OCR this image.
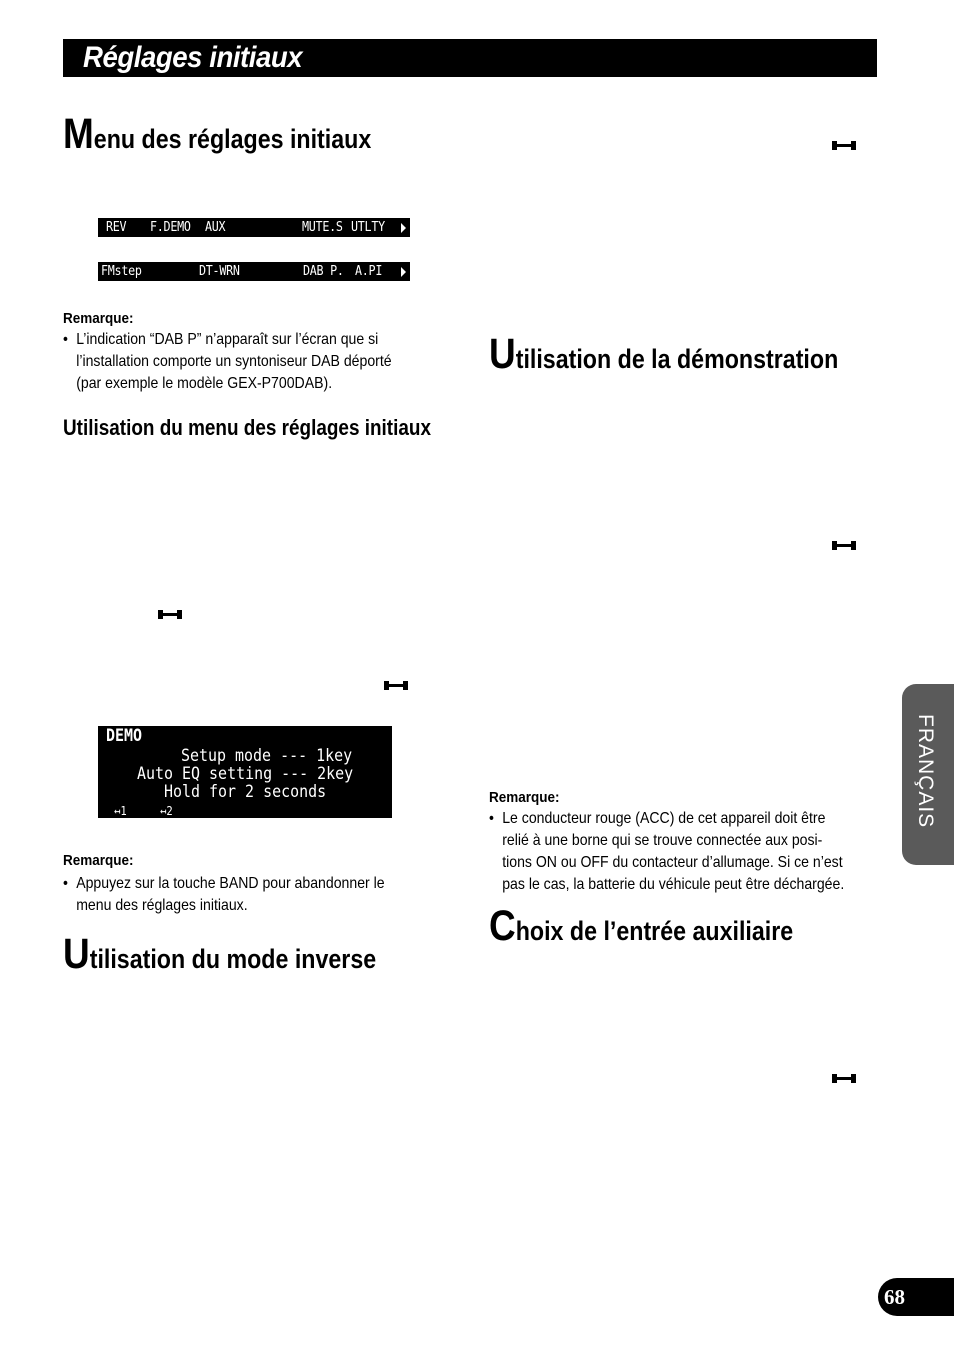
Réglages initiaux
Menu des réglages initiaux
REV F.DEMO AUX	MUTE.S UTLTY
FMstep	DT-WRN	DAB P. A.PI
Remarque:
• L’indication “DAB P” n’apparaît sur l’écran que si
l’installation comporte un syntoniseur DAB déporté
(par exemple le modèle GEX-P700DAB).
Utilisation du menu des réglages initiaux
DEMO
Setup mode --- 1key
Auto EQ setting --- 2key
Hold for 2 seconds
↤1	↤2
Remarque:
• Appuyez sur la touche BAND pour abandonner le
menu des réglages initiaux.
Utilisation du mode inverse
Utilisation de la démonstration
Remarque:
• Le conducteur rouge (ACC) de cet appareil doit être
relié à une borne qui se trouve connectée aux posi-
tions ON ou OFF du contacteur d’allumage. Si ce n’est
pas le cas, la batterie du véhicule peut être déchargée.
Choix de l’entrée auxiliaire
FRANÇAIS
68
